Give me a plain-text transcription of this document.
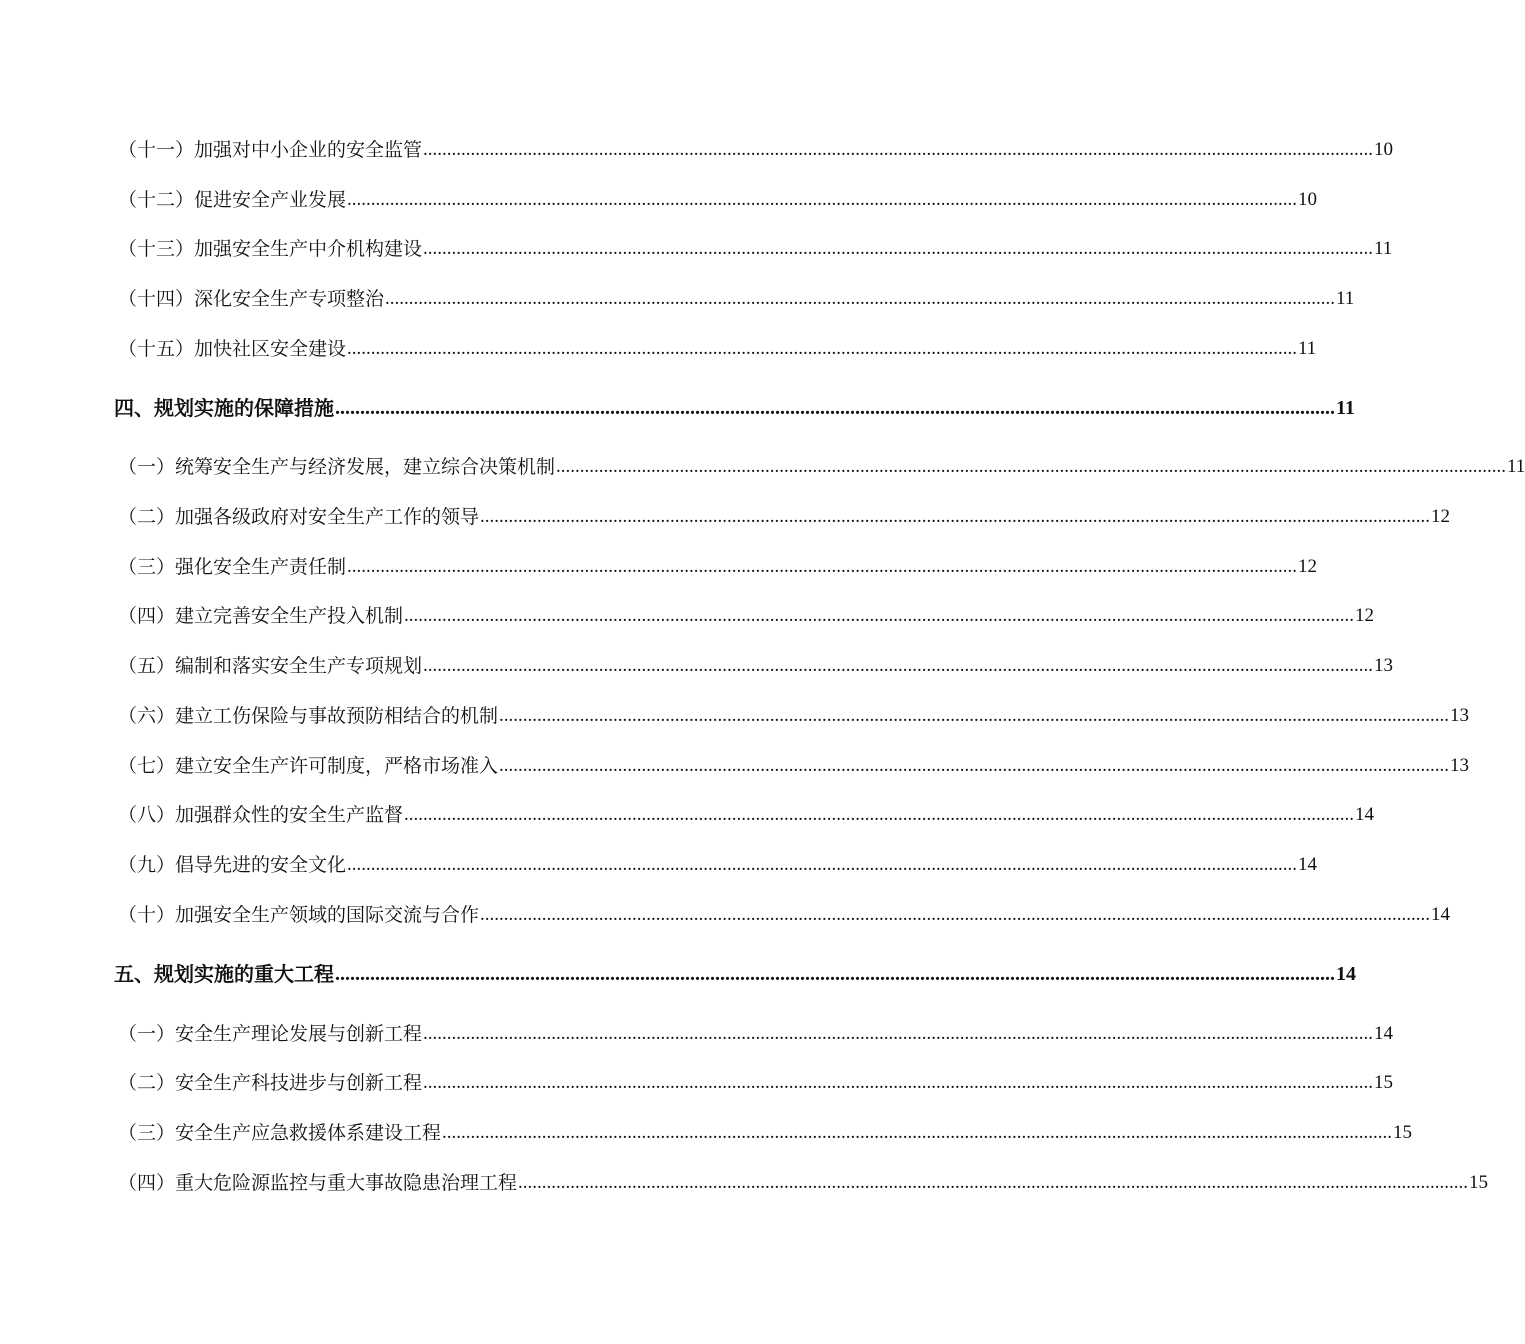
（十一）加强对中小企业的安全监管 ........................................................................................................................................................................................................ 10
（十二）促进安全产业发展 ........................................................................................................................................................................................................ 10
（十三）加强安全生产中介机构建设 ........................................................................................................................................................................................................ 11
（十四）深化安全生产专项整治 ........................................................................................................................................................................................................ 11
（十五）加快社区安全建设 ........................................................................................................................................................................................................ 11
四、规划实施的保障措施 ........................................................................................................................................................................................................ 11
（一）统筹安全生产与经济发展，建立综合决策机制 ........................................................................................................................................................................................................ 11
（二）加强各级政府对安全生产工作的领导 ........................................................................................................................................................................................................ 12
（三）强化安全生产责任制 ........................................................................................................................................................................................................ 12
（四）建立完善安全生产投入机制 ........................................................................................................................................................................................................ 12
（五）编制和落实安全生产专项规划 ........................................................................................................................................................................................................ 13
（六）建立工伤保险与事故预防相结合的机制 ........................................................................................................................................................................................................ 13
（七）建立安全生产许可制度，严格市场准入 ........................................................................................................................................................................................................ 13
（八）加强群众性的安全生产监督 ........................................................................................................................................................................................................ 14
（九）倡导先进的安全文化 ........................................................................................................................................................................................................ 14
（十）加强安全生产领域的国际交流与合作 ........................................................................................................................................................................................................ 14
五、规划实施的重大工程 ........................................................................................................................................................................................................ 14
（一）安全生产理论发展与创新工程 ........................................................................................................................................................................................................ 14
（二）安全生产科技进步与创新工程 ........................................................................................................................................................................................................ 15
（三）安全生产应急救援体系建设工程 ........................................................................................................................................................................................................ 15
（四）重大危险源监控与重大事故隐患治理工程 ........................................................................................................................................................................................................ 15
